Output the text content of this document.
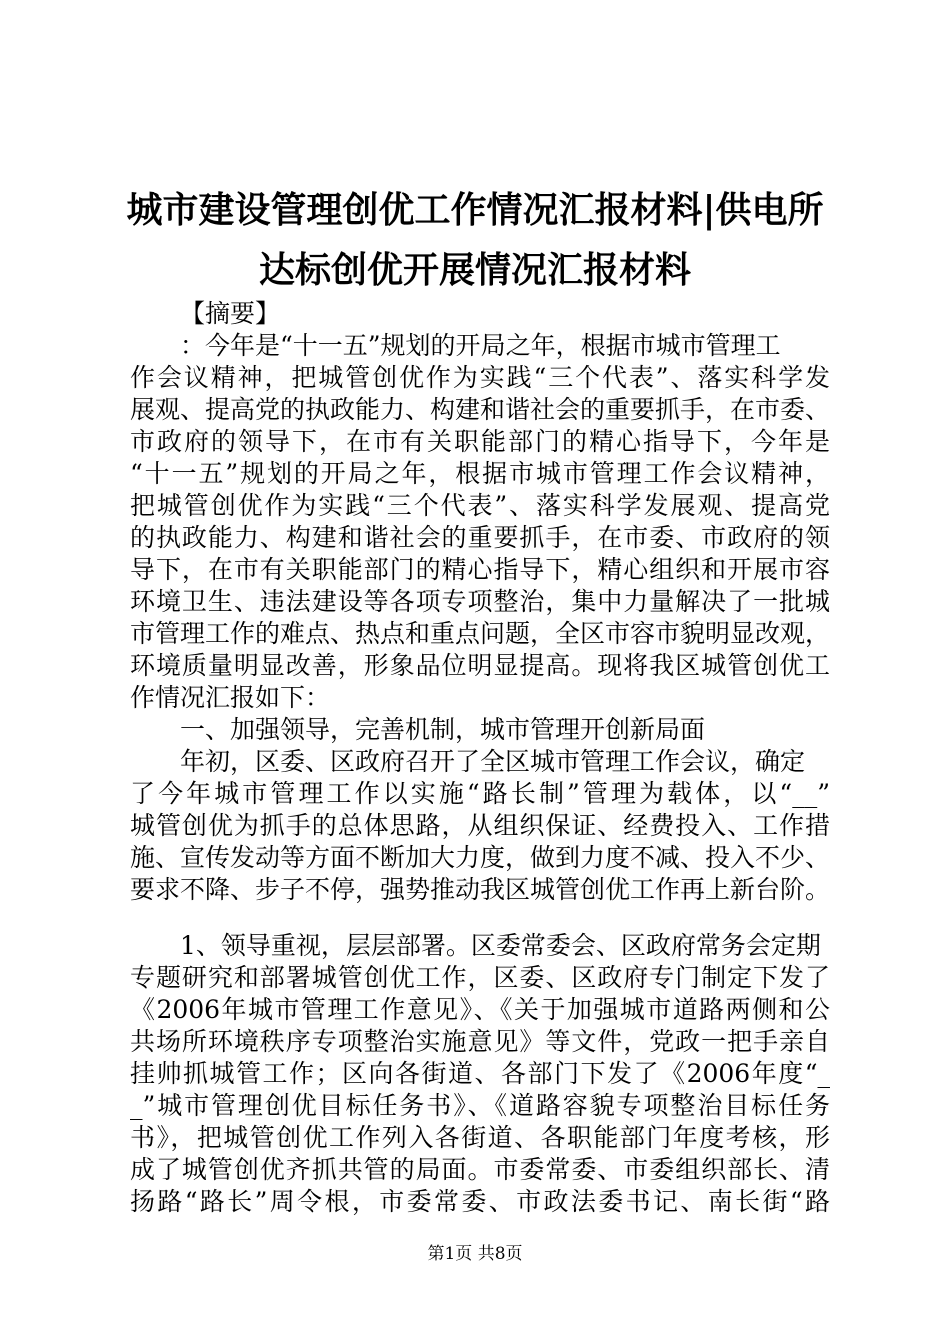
城市建设管理创优工作情况汇报材料|供电所
达标创优开展情况汇报材料
【摘要】
：今年是“十一五”规划的开局之年，根据市城市管理工
作会议精神，把城管创优作为实践“三个代表”、落实科学发
展观、提高党的执政能力、构建和谐社会的重要抓手，在市委、
市政府的领导下，在市有关职能部门的精心指导下，今年是
“十一五”规划的开局之年，根据市城市管理工作会议精神，
把城管创优作为实践“三个代表”、落实科学发展观、提高党
的执政能力、构建和谐社会的重要抓手，在市委、市政府的领
导下，在市有关职能部门的精心指导下，精心组织和开展市容
环境卫生、违法建设等各项专项整治，集中力量解决了一批城
市管理工作的难点、热点和重点问题，全区市容市貌明显改观，
环境质量明显改善，形象品位明显提高。现将我区城管创优工
作情况汇报如下：
一、加强领导，完善机制，城市管理开创新局面
年初，区委、区政府召开了全区城市管理工作会议，确定
了今年城市管理工作以实施“路长制”管理为载体，以“__”
城管创优为抓手的总体思路，从组织保证、经费投入、工作措
施、宣传发动等方面不断加大力度，做到力度不减、投入不少、
要求不降、步子不停，强势推动我区城管创优工作再上新台阶。
1、领导重视，层层部署。区委常委会、区政府常务会定期
专题研究和部署城管创优工作，区委、区政府专门制定下发了
《2006年城市管理工作意见》、《关于加强城市道路两侧和公
共场所环境秩序专项整治实施意见》等文件，党政一把手亲自
挂帅抓城管工作；区向各街道、各部门下发了《2006年度“_
_”城市管理创优目标任务书》、《道路容貌专项整治目标任务
书》，把城管创优工作列入各街道、各职能部门年度考核，形
成了城管创优齐抓共管的局面。市委常委、市委组织部长、清
扬路“路长”周令根，市委常委、市政法委书记、南长街“路
第1页 共8页
